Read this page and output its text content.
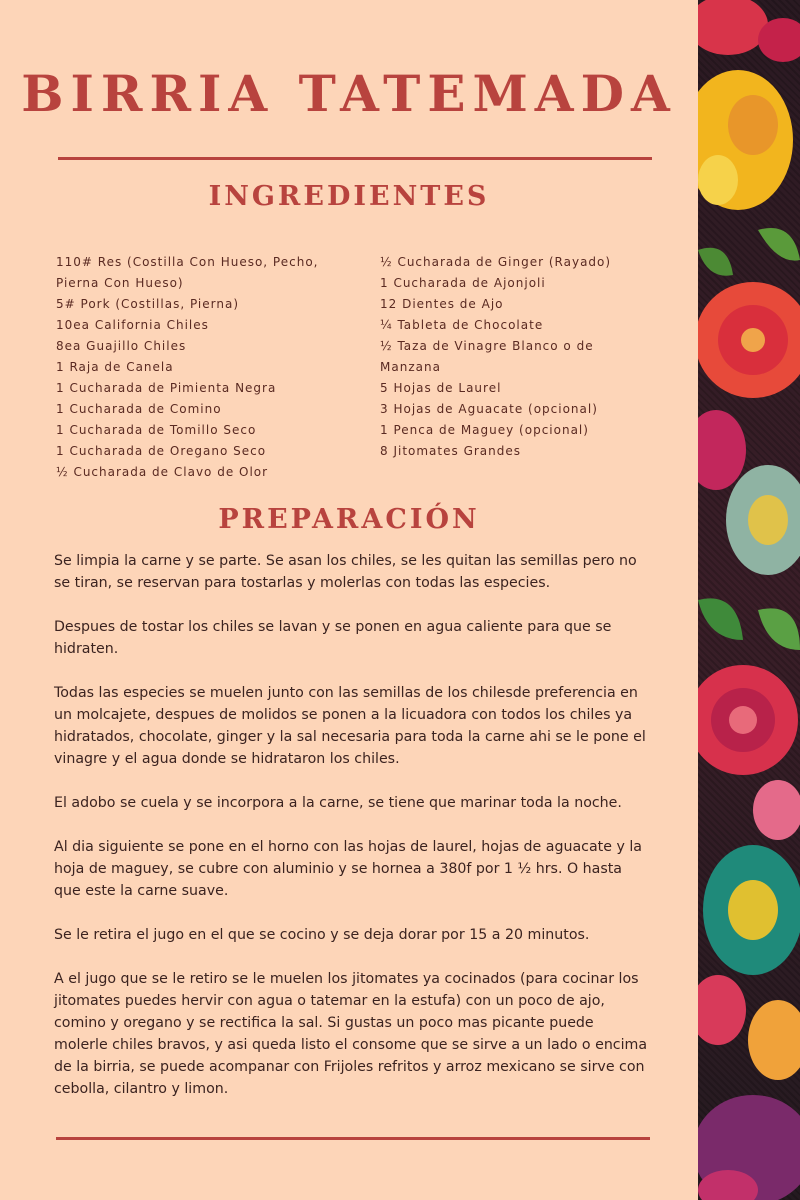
BIRRIA TATEMADA
INGREDIENTES
110# Res (Costilla Con Hueso, Pecho,
Pierna Con Hueso)
5# Pork (Costillas, Pierna)
10ea California Chiles
8ea Guajillo Chiles
1 Raja de Canela
1 Cucharada de Pimienta Negra
1 Cucharada de Comino
1 Cucharada de Tomillo Seco
1 Cucharada de Oregano Seco
½ Cucharada de Clavo de Olor
½ Cucharada de Ginger (Rayado)
1 Cucharada de Ajonjoli
12 Dientes de Ajo
¼ Tableta de Chocolate
½ Taza de Vinagre Blanco o de
Manzana
5 Hojas de Laurel
3 Hojas de Aguacate (opcional)
1 Penca de Maguey (opcional)
8 Jitomates Grandes
PREPARACIÓN

Se limpia la carne y se parte. Se asan los chiles, se les quitan las semillas pero no se tiran, se reservan para tostarlas y molerlas con todas las especies.

Despues de tostar los chiles se lavan y se ponen en agua caliente para que se hidraten.

Todas las especies se muelen junto con las semillas de los chilesde preferencia en un molcajete, despues de molidos se ponen a la licuadora con todos los chiles ya hidratados, chocolate, ginger y la sal necesaria para toda la carne ahi se le pone el vinagre y el agua donde se hidrataron los chiles.

El adobo se cuela y se incorpora a la carne, se tiene que marinar toda la noche.

Al dia siguiente se pone en el horno con las hojas de laurel, hojas de aguacate y la hoja de maguey, se cubre con aluminio y se hornea a 380f por 1 ½ hrs. O hasta que este la carne suave.

Se le retira el jugo en el que se cocino y se deja dorar por 15 a 20 minutos.

A el jugo que se le retiro se le muelen los jitomates ya cocinados (para cocinar los jitomates puedes hervir con agua o tatemar en la estufa) con un poco de ajo, comino y oregano y se rectifica la sal. Si gustas un poco mas picante puede molerle chiles bravos, y asi queda listo el consome que se sirve a un lado o encima de la birria, se puede acompanar con Frijoles refritos y arroz mexicano se sirve con cebolla, cilantro y limon.
